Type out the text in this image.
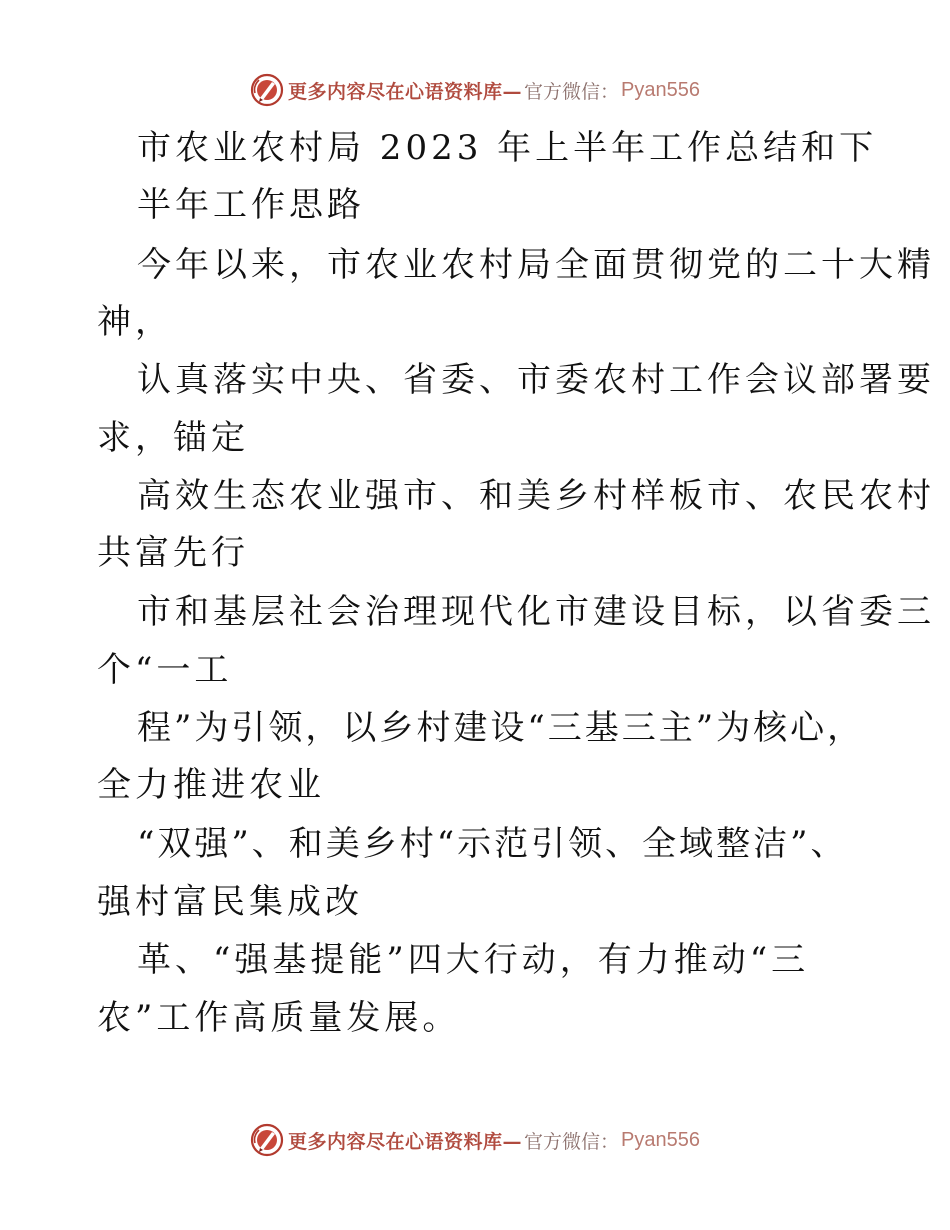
更多内容尽在心语资料库— 官方微信： Pyan556
市农业农村局 2023 年上半年工作总结和下
半年工作思路
今年以来，市农业农村局全面贯彻党的二十大精
神，
认真落实中央、省委、市委农村工作会议部署要
求，锚定
高效生态农业强市、和美乡村样板市、农民农村
共富先行
市和基层社会治理现代化市建设目标，以省委三
个“一工
程”为引领，以乡村建设“三基三主”为核心，
全力推进农业
“双强”、和美乡村“示范引领、全域整洁”、
强村富民集成改
革、“强基提能”四大行动，有力推动“三
农”工作高质量发展。
更多内容尽在心语资料库— 官方微信： Pyan556
